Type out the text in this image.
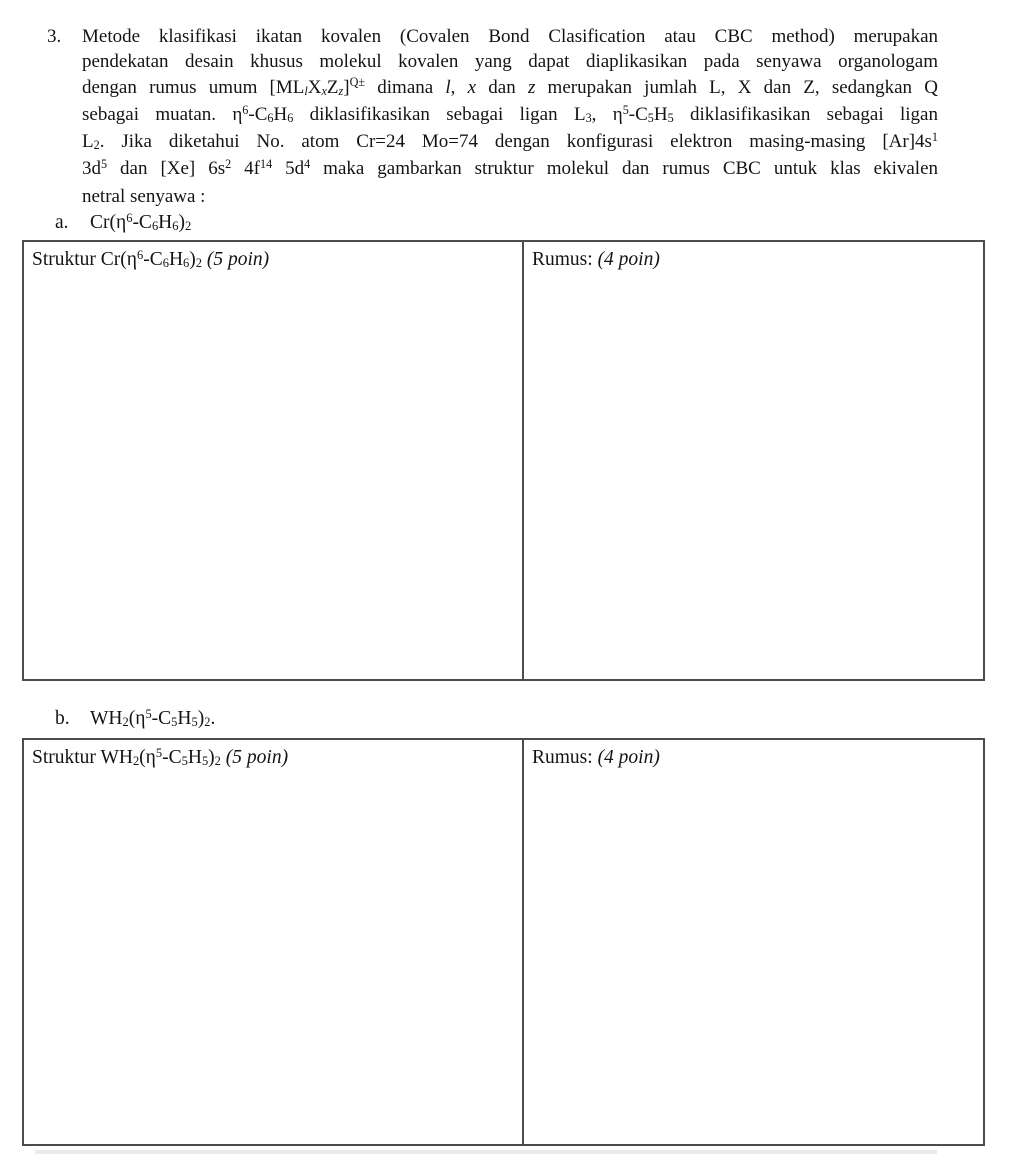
3. Metode klasifikasi ikatan kovalen (Covalen Bond Clasification atau CBC method) merupakan
pendekatan desain khusus molekul kovalen yang dapat diaplikasikan pada senyawa organologam
dengan rumus umum [MLlXxZz]$^{Q\pm}$ dimana l, x dan z merupakan jumlah L, X dan Z, sedangkan Q
sebagai muatan. $\eta^6-C6H6$ diklasifikasikan sebagai ligan L3, $\eta^5-C5H5$ diklasifikasikan sebagai ligan
L2. Jika diketahui No. atom Cr=24 Mo=74 dengan konfigurasi elektron masing-masing $[Ar]4s^1$
$3d^5$ dan [Xe] $6s^2$ $4f^{14}$ $5d^4$ maka gambarkan struktur molekul dan rumus CBC untuk klas ekivalen
netral senyawa :
a. $Cr(\eta^6-C6H6)2$
Struktur $Cr(\eta^6-C6H6)2$ (5 poin)	Rumus: (4 poin)
b. $WH2(\eta^5-C5H5)2$.
Struktur $WH2(\eta^5-C5H5)2$ (5 poin)	Rumus: (4 poin)
